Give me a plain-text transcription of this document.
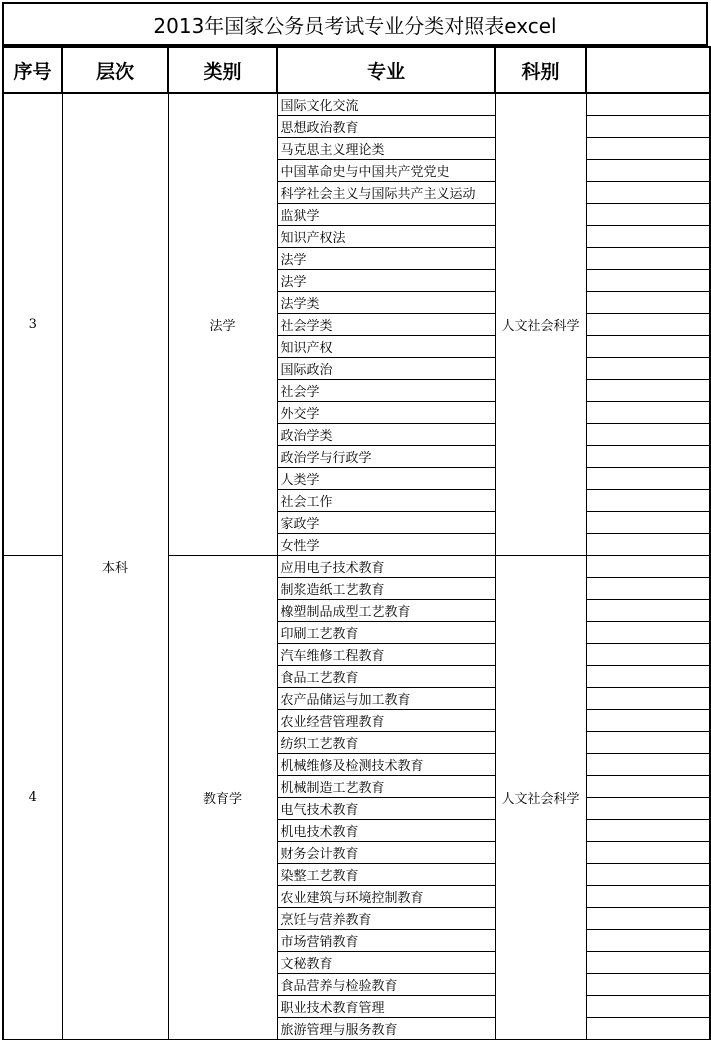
2013年国家公务员考试专业分类对照表excel
序号	层次	类别	专业	科别	
3	本科	法学	国际文化交流	人文社会科学	
			思想政治教育		
			马克思主义理论类		
			中国革命史与中国共产党党史		
			科学社会主义与国际共产主义运动		
			监狱学		
			知识产权法		
			法学		
			法学		
			法学类		
			社会学类		
			知识产权		
			国际政治		
			社会学		
			外交学		
			政治学类		
			政治学与行政学		
			人类学		
			社会工作		
			家政学		
			女性学		
4		教育学	应用电子技术教育	人文社会科学	
			制浆造纸工艺教育		
			橡塑制品成型工艺教育		
			印刷工艺教育		
			汽车维修工程教育		
			食品工艺教育		
			农产品储运与加工教育		
			农业经营管理教育		
			纺织工艺教育		
			机械维修及检测技术教育		
			机械制造工艺教育		
			电气技术教育		
			机电技术教育		
			财务会计教育		
			染整工艺教育		
			农业建筑与环境控制教育		
			烹饪与营养教育		
			市场营销教育		
			文秘教育		
			食品营养与检验教育		
			职业技术教育管理		
			旅游管理与服务教育		
